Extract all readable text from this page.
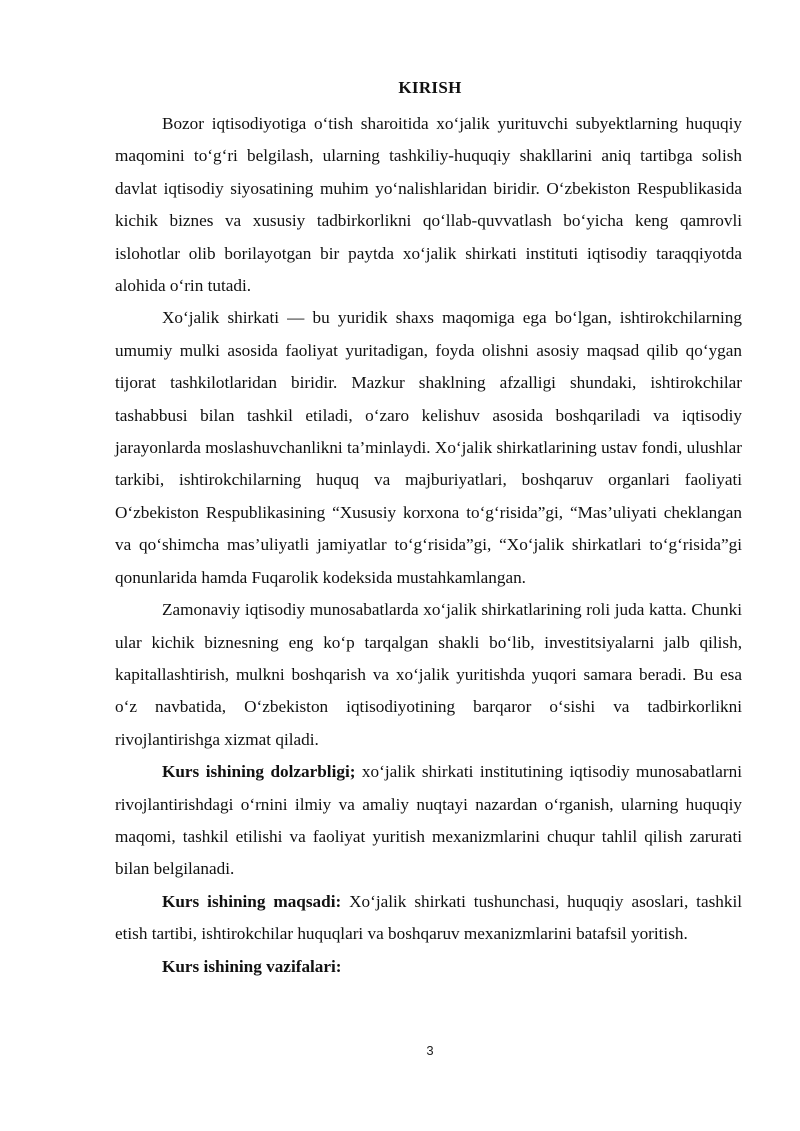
KIRISH

Bozor iqtisodiyotiga o‘tish sharoitida xo‘jalik yurituvchi subyektlarning huquqiy maqomini to‘g‘ri belgilash, ularning tashkiliy-huquqiy shakllarini aniq tartibga solish davlat iqtisodiy siyosatining muhim yo‘nalishlaridan biridir. O‘zbekiston Respublikasida kichik biznes va xususiy tadbirkorlikni qo‘llab-quvvatlash bo‘yicha keng qamrovli islohotlar olib borilayotgan bir paytda xo‘jalik shirkati instituti iqtisodiy taraqqiyotda alohida o‘rin tutadi.

Xo‘jalik shirkati — bu yuridik shaxs maqomiga ega bo‘lgan, ishtirokchilarning umumiy mulki asosida faoliyat yuritadigan, foyda olishni asosiy maqsad qilib qo‘ygan tijorat tashkilotlaridan biridir. Mazkur shaklning afzalligi shundaki, ishtirokchilar tashabbusi bilan tashkil etiladi, o‘zaro kelishuv asosida boshqariladi va iqtisodiy jarayonlarda moslashuvchanlikni ta’minlaydi. Xo‘jalik shirkatlarining ustav fondi, ulushlar tarkibi, ishtirokchilarning huquq va majburiyatlari, boshqaruv organlari faoliyati O‘zbekiston Respublikasining “Xususiy korxona to‘g‘risida”gi, “Mas’uliyati cheklangan va qo‘shimcha mas’uliyatli jamiyatlar to‘g‘risida”gi, “Xo‘jalik shirkatlari to‘g‘risida”gi qonunlarida hamda Fuqarolik kodeksida mustahkamlangan.

Zamonaviy iqtisodiy munosabatlarda xo‘jalik shirkatlarining roli juda katta. Chunki ular kichik biznesning eng ko‘p tarqalgan shakli bo‘lib, investitsiyalarni jalb qilish, kapitallashtirish, mulkni boshqarish va xo‘jalik yuritishda yuqori samara beradi. Bu esa o‘z navbatida, O‘zbekiston iqtisodiyotining barqaror o‘sishi va tadbirkorlikni rivojlantirishga xizmat qiladi.

Kurs ishining dolzarbligi; xo‘jalik shirkati institutining iqtisodiy munosabatlarni rivojlantirishdagi o‘rnini ilmiy va amaliy nuqtayi nazardan o‘rganish, ularning huquqiy maqomi, tashkil etilishi va faoliyat yuritish mexanizmlarini chuqur tahlil qilish zarurati bilan belgilanadi.

Kurs ishining maqsadi: Xo‘jalik shirkati tushunchasi, huquqiy asoslari, tashkil etish tartibi, ishtirokchilar huquqlari va boshqaruv mexanizmlarini batafsil yoritish.

Kurs ishining vazifalari:

3
